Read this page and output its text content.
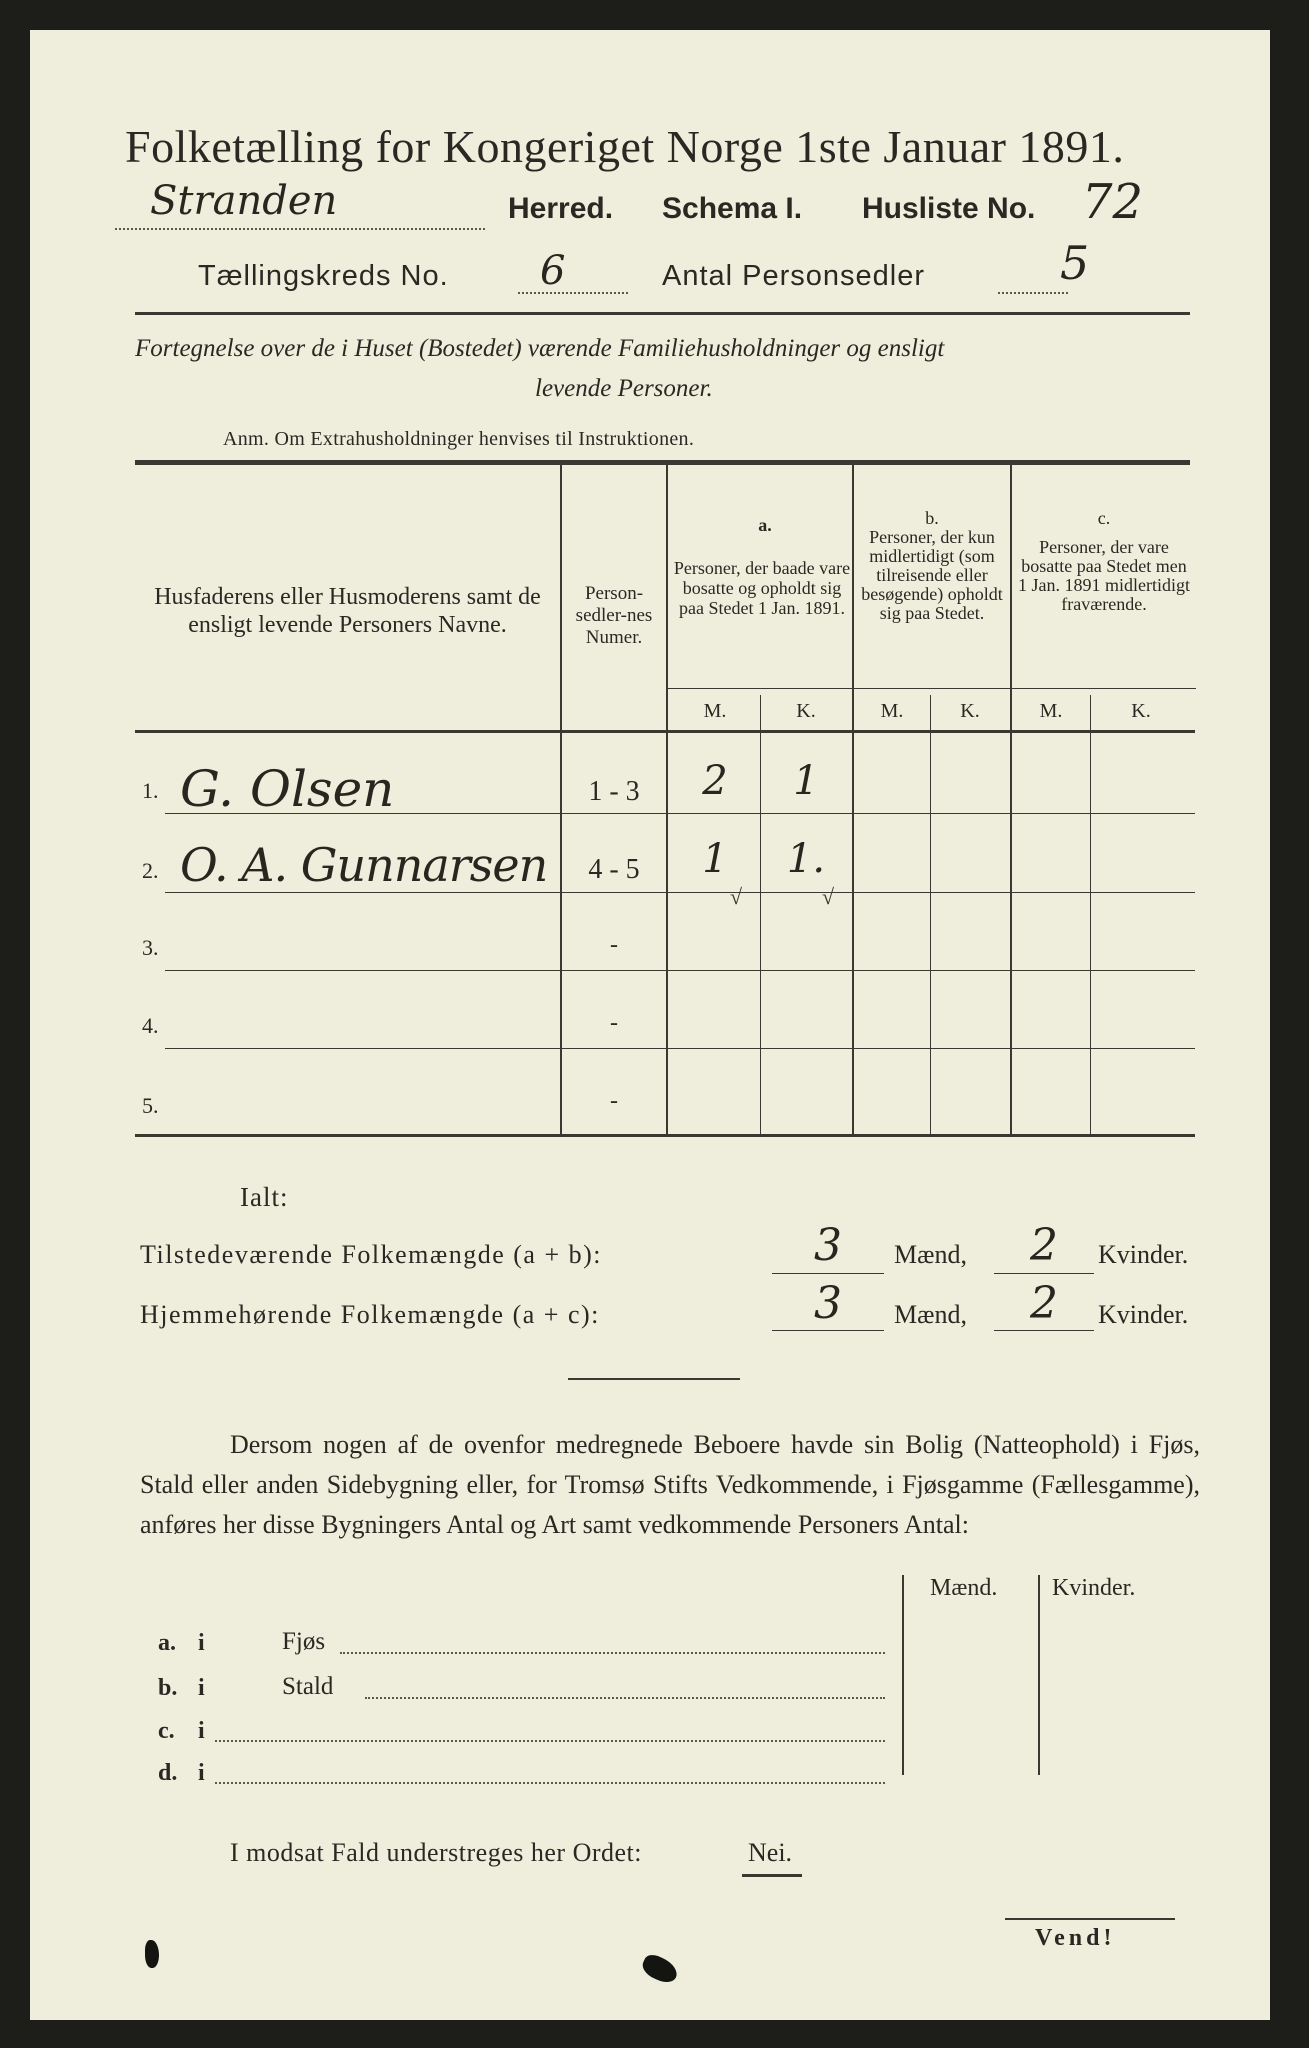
Folketælling for Kongeriget Norge 1ste Januar 1891.
Stranden	Herred. Schema I. Husliste No. 72
Tællingskreds No. 6	Antal Personsedler	5
Fortegnelse over de i Huset (Bostedet) værende Familiehusholdninger og ensligt
levende Personer.
Anm. Om Extrahusholdninger henvises til Instruktionen.
Husfaderens eller Husmoderens samt de ensligt levende Personers Navne.
Person-sedler-nes Numer.
a.
Personer, der baade vare bosatte og opholdt sig paa Stedet 1 Jan. 1891.
b.
Personer, der kun midlertidigt (som tilreisende eller besøgende) opholdt sig paa Stedet.
c.
Personer, der vare bosatte paa Stedet men 1 Jan. 1891 midlertidigt fraværende.
M.	K.	M.	K.	M.	K.
1. G. Olsen	1 - 3	2	1
2. O. A. Gunnarsen	4 - 5	1	1.
√	√
3.	-
4.	-
5.	-
Ialt:
Tilstedeværende Folkemængde (a + b):	3	Mænd,	2	Kvinder.
Hjemmehørende Folkemængde (a + c):	3	Mænd,	2	Kvinder.
Dersom nogen af de ovenfor medregnede Beboere havde sin Bolig (Natteophold) i Fjøs, Stald eller anden Sidebygning eller, for Tromsø Stifts Vedkommende, i Fjøsgamme (Fællesgamme), anføres her disse Bygningers Antal og Art samt vedkommende Personers Antal:
Mænd. Kvinder.
a. i	Fjøs
b. i	Stald
c. i
d. i
I modsat Fald understreges her Ordet:	Nei.
Vend!
